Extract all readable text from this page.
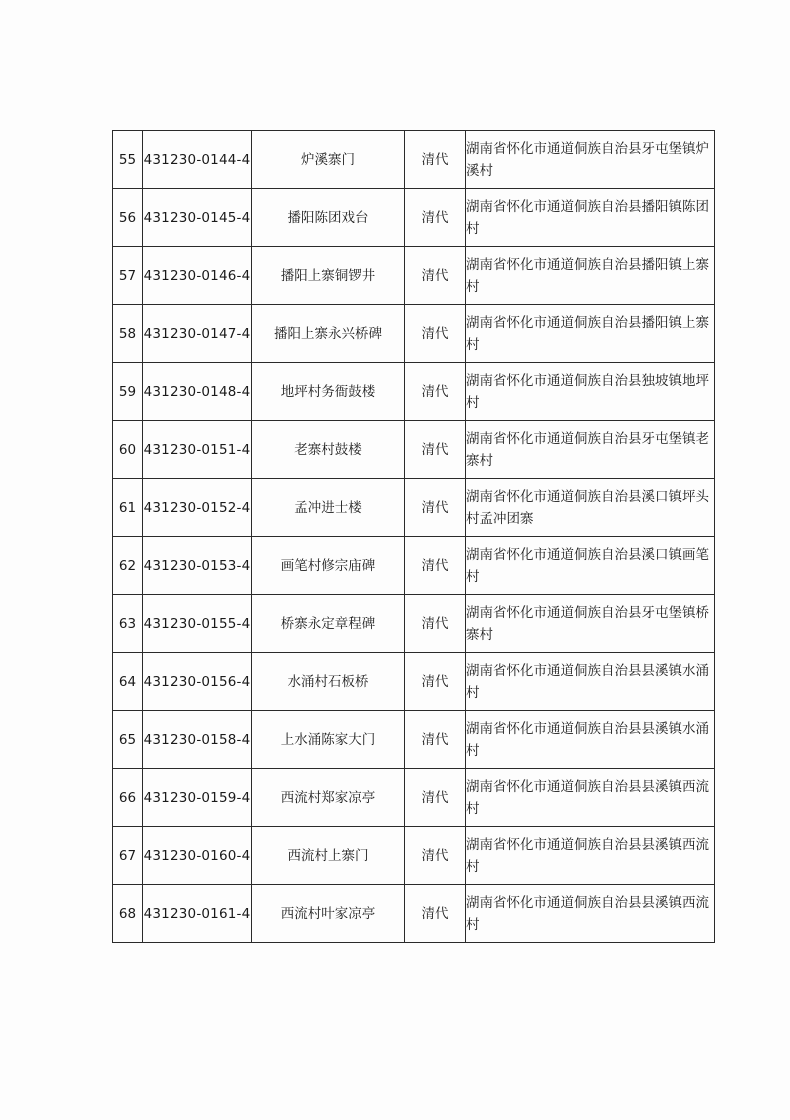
55	431230-0144-4	炉溪寨门	清代	湖南省怀化市通道侗族自治县牙屯堡镇炉溪村
56	431230-0145-4	播阳陈团戏台	清代	湖南省怀化市通道侗族自治县播阳镇陈团村
57	431230-0146-4	播阳上寨铜锣井	清代	湖南省怀化市通道侗族自治县播阳镇上寨村
58	431230-0147-4	播阳上寨永兴桥碑	清代	湖南省怀化市通道侗族自治县播阳镇上寨村
59	431230-0148-4	地坪村务衙鼓楼	清代	湖南省怀化市通道侗族自治县独坡镇地坪村
60	431230-0151-4	老寨村鼓楼	清代	湖南省怀化市通道侗族自治县牙屯堡镇老寨村
61	431230-0152-4	孟冲进士楼	清代	湖南省怀化市通道侗族自治县溪口镇坪头村孟冲团寨
62	431230-0153-4	画笔村修宗庙碑	清代	湖南省怀化市通道侗族自治县溪口镇画笔村
63	431230-0155-4	桥寨永定章程碑	清代	湖南省怀化市通道侗族自治县牙屯堡镇桥寨村
64	431230-0156-4	水涌村石板桥	清代	湖南省怀化市通道侗族自治县县溪镇水涌村
65	431230-0158-4	上水涌陈家大门	清代	湖南省怀化市通道侗族自治县县溪镇水涌村
66	431230-0159-4	西流村郑家凉亭	清代	湖南省怀化市通道侗族自治县县溪镇西流村
67	431230-0160-4	西流村上寨门	清代	湖南省怀化市通道侗族自治县县溪镇西流村
68	431230-0161-4	西流村叶家凉亭	清代	湖南省怀化市通道侗族自治县县溪镇西流村
